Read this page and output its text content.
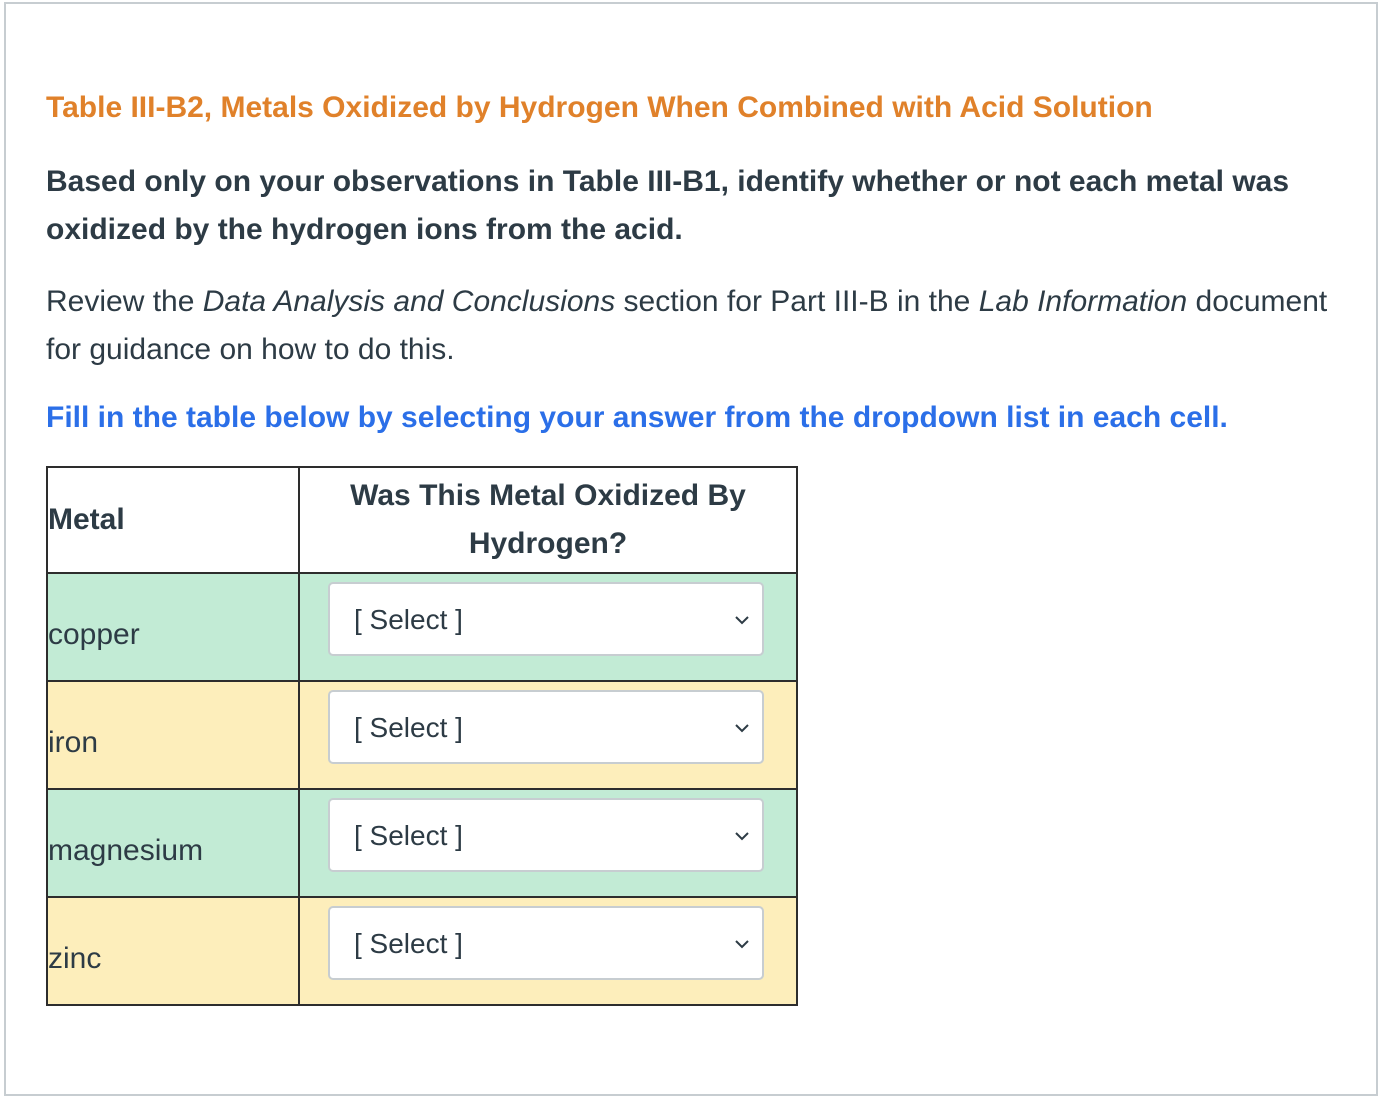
Table III-B2, Metals Oxidized by Hydrogen When Combined with Acid Solution

Based only on your observations in Table III-B1, identify whether or not each metal was oxidized by the hydrogen ions from the acid.

Review the Data Analysis and Conclusions section for Part III-B in the Lab Information document for guidance on how to do this.

Fill in the table below by selecting your answer from the dropdown list in each cell.

Metal	Was This Metal Oxidized By Hydrogen?
copper	[ Select ]

iron	[ Select ]

magnesium	[ Select ]

zinc	[ Select ]
